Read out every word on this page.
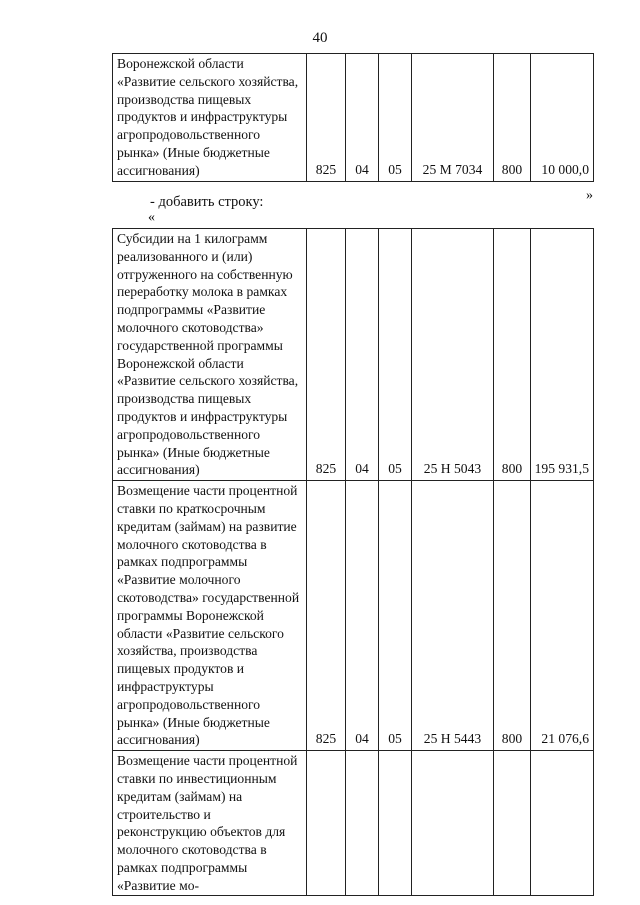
40
Воронежской области «Развитие сельского хозяйства, производства пищевых продуктов и инфраструктуры агропродовольственного рынка» (Иные бюджетные ассигнования)	825	04	05	25 М 7034	800	10 000,0
»
- добавить строку:
«
Субсидии на 1 килограмм реализованного и (или) отгруженного на собственную переработку молока в рамках подпрограммы «Развитие молочного скотоводства» государственной программы Воронежской области «Развитие сельского хозяйства, производства пищевых продуктов и инфраструктуры агропродовольственного рынка» (Иные бюджетные ассигнования)	825	04	05	25 Н 5043	800	195 931,5
Возмещение части процентной ставки по краткосрочным кредитам (займам) на развитие молочного скотоводства в рамках подпрограммы «Развитие молочного скотоводства» государственной программы Воронежской области «Развитие сельского хозяйства, производства пищевых продуктов и инфраструктуры агропродовольственного рынка» (Иные бюджетные ассигнования)	825	04	05	25 Н 5443	800	21 076,6
Возмещение части процентной ставки по инвестиционным кредитам (займам) на строительство и реконструкцию объектов для молочного скотоводства в рамках подпрограммы «Развитие мо-						
